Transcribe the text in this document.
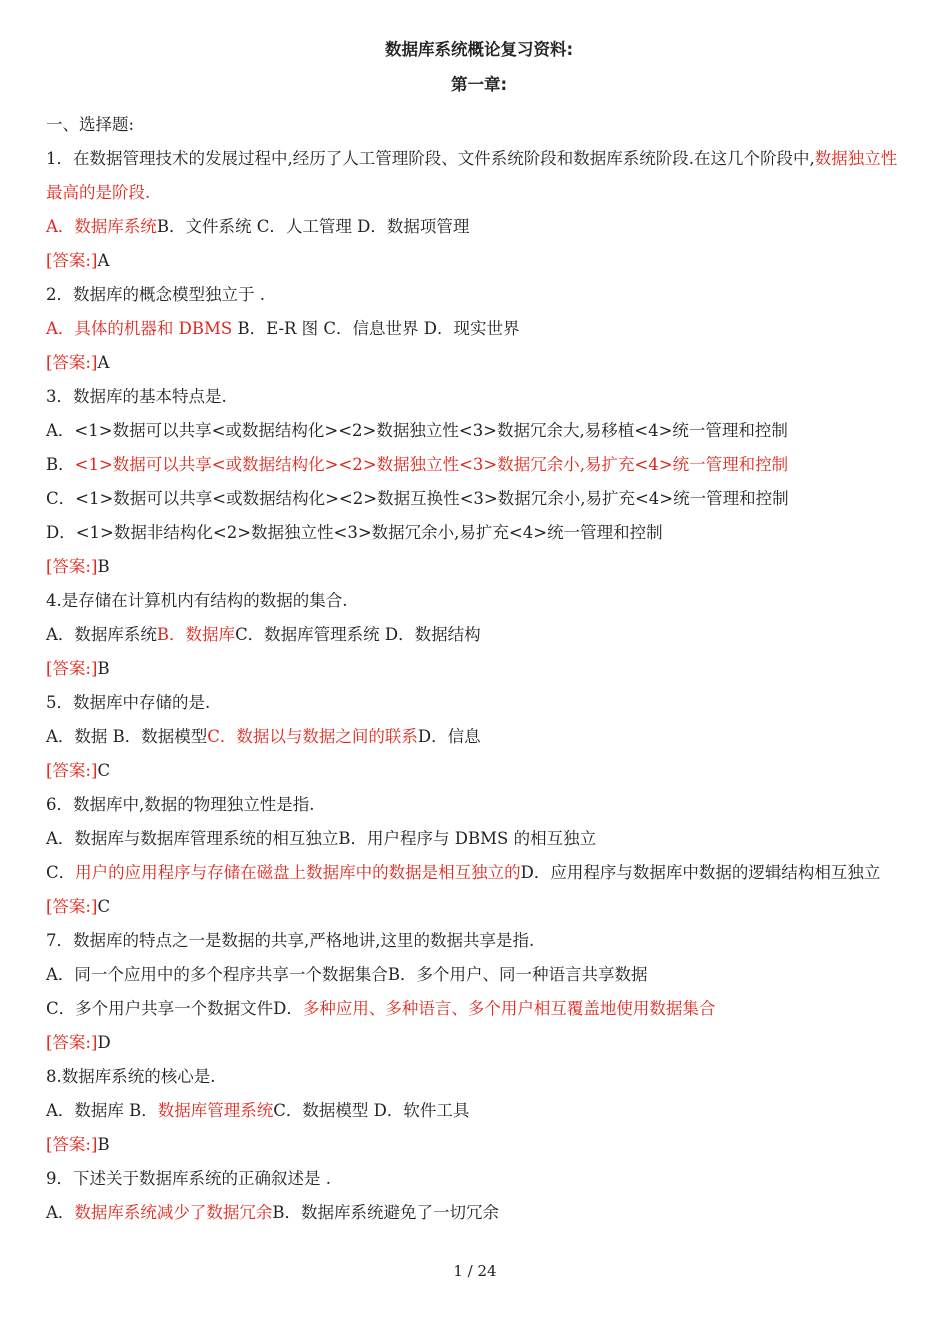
数据库系统概论复习资料:
第一章:
一、选择题:
1．在数据管理技术的发展过程中,经历了人工管理阶段、文件系统阶段和数据库系统阶段.在这几个阶段中,数据独立性最高的是阶段.
A．数据库系统B．文件系统 C．人工管理 D．数据项管理
[答案:]A
2．数据库的概念模型独立于 .
A．具体的机器和 DBMS B．E-R 图 C．信息世界 D．现实世界
[答案:]A
3．数据库的基本特点是.
A．<1>数据可以共享<或数据结构化><2>数据独立性<3>数据冗余大,易移植<4>统一管理和控制
B．<1>数据可以共享<或数据结构化><2>数据独立性<3>数据冗余小,易扩充<4>统一管理和控制
C．<1>数据可以共享<或数据结构化><2>数据互换性<3>数据冗余小,易扩充<4>统一管理和控制
D．<1>数据非结构化<2>数据独立性<3>数据冗余小,易扩充<4>统一管理和控制
[答案:]B
4.是存储在计算机内有结构的数据的集合.
A．数据库系统B．数据库C．数据库管理系统 D．数据结构
[答案:]B
5．数据库中存储的是.
A．数据 B．数据模型C．数据以与数据之间的联系D．信息
[答案:]C
6．数据库中,数据的物理独立性是指.
A．数据库与数据库管理系统的相互独立B．用户程序与 DBMS 的相互独立
C．用户的应用程序与存储在磁盘上数据库中的数据是相互独立的D．应用程序与数据库中数据的逻辑结构相互独立
[答案:]C
7．数据库的特点之一是数据的共享,严格地讲,这里的数据共享是指.
A．同一个应用中的多个程序共享一个数据集合B．多个用户、同一种语言共享数据
C．多个用户共享一个数据文件D．多种应用、多种语言、多个用户相互覆盖地使用数据集合
[答案:]D
8.数据库系统的核心是.
A．数据库 B．数据库管理系统C．数据模型 D．软件工具
[答案:]B
9．下述关于数据库系统的正确叙述是 .
A．数据库系统减少了数据冗余B．数据库系统避免了一切冗余
1 / 24
